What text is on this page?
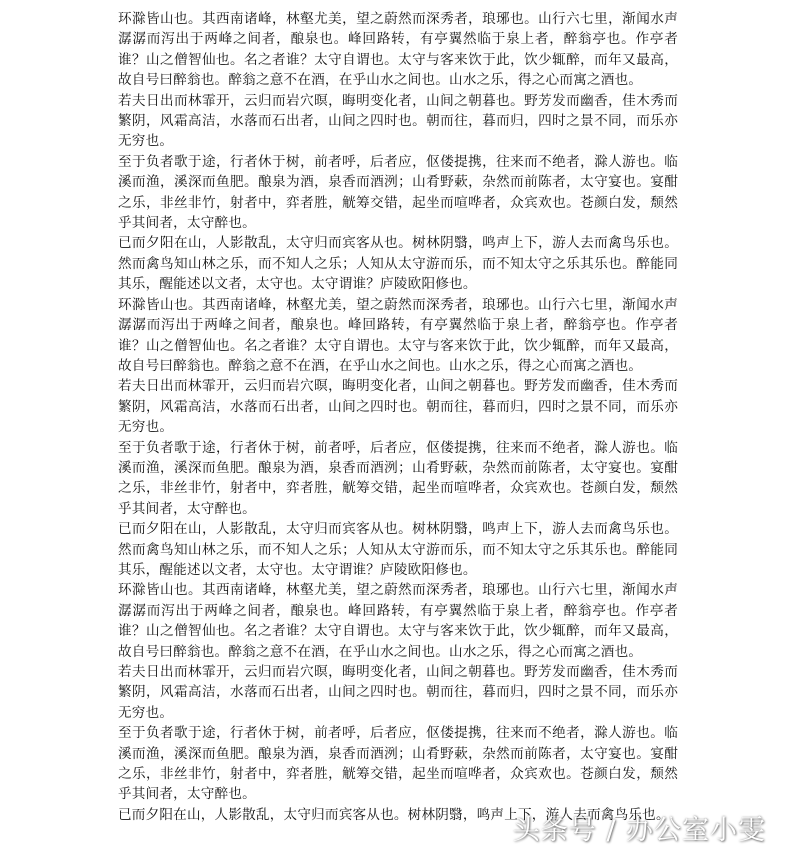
环滁皆山也。其西南诸峰，林壑尤美，望之蔚然而深秀者，琅琊也。山行六七里，渐闻水声潺潺而泻出于两峰之间者，酿泉也。峰回路转，有亭翼然临于泉上者，醉翁亭也。作亭者谁？山之僧智仙也。名之者谁？太守自谓也。太守与客来饮于此，饮少辄醉，而年又最高，故自号曰醉翁也。醉翁之意不在酒，在乎山水之间也。山水之乐，得之心而寓之酒也。

若夫日出而林霏开，云归而岩穴暝，晦明变化者，山间之朝暮也。野芳发而幽香，佳木秀而繁阴，风霜高洁，水落而石出者，山间之四时也。朝而往，暮而归，四时之景不同，而乐亦无穷也。

至于负者歌于途，行者休于树，前者呼，后者应，伛偻提携，往来而不绝者，滁人游也。临溪而渔，溪深而鱼肥。酿泉为酒，泉香而酒洌；山肴野蔌，杂然而前陈者，太守宴也。宴酣之乐，非丝非竹，射者中，弈者胜，觥筹交错，起坐而喧哗者，众宾欢也。苍颜白发，颓然乎其间者，太守醉也。

已而夕阳在山，人影散乱，太守归而宾客从也。树林阴翳，鸣声上下，游人去而禽鸟乐也。然而禽鸟知山林之乐，而不知人之乐；人知从太守游而乐，而不知太守之乐其乐也。醉能同其乐，醒能述以文者，太守也。太守谓谁？庐陵欧阳修也。

环滁皆山也。其西南诸峰，林壑尤美，望之蔚然而深秀者，琅琊也。山行六七里，渐闻水声潺潺而泻出于两峰之间者，酿泉也。峰回路转，有亭翼然临于泉上者，醉翁亭也。作亭者谁？山之僧智仙也。名之者谁？太守自谓也。太守与客来饮于此，饮少辄醉，而年又最高，故自号曰醉翁也。醉翁之意不在酒，在乎山水之间也。山水之乐，得之心而寓之酒也。

若夫日出而林霏开，云归而岩穴暝，晦明变化者，山间之朝暮也。野芳发而幽香，佳木秀而繁阴，风霜高洁，水落而石出者，山间之四时也。朝而往，暮而归，四时之景不同，而乐亦无穷也。

至于负者歌于途，行者休于树，前者呼，后者应，伛偻提携，往来而不绝者，滁人游也。临溪而渔，溪深而鱼肥。酿泉为酒，泉香而酒洌；山肴野蔌，杂然而前陈者，太守宴也。宴酣之乐，非丝非竹，射者中，弈者胜，觥筹交错，起坐而喧哗者，众宾欢也。苍颜白发，颓然乎其间者，太守醉也。

已而夕阳在山，人影散乱，太守归而宾客从也。树林阴翳，鸣声上下，游人去而禽鸟乐也。然而禽鸟知山林之乐，而不知人之乐；人知从太守游而乐，而不知太守之乐其乐也。醉能同其乐，醒能述以文者，太守也。太守谓谁？庐陵欧阳修也。

环滁皆山也。其西南诸峰，林壑尤美，望之蔚然而深秀者，琅琊也。山行六七里，渐闻水声潺潺而泻出于两峰之间者，酿泉也。峰回路转，有亭翼然临于泉上者，醉翁亭也。作亭者谁？山之僧智仙也。名之者谁？太守自谓也。太守与客来饮于此，饮少辄醉，而年又最高，故自号曰醉翁也。醉翁之意不在酒，在乎山水之间也。山水之乐，得之心而寓之酒也。

若夫日出而林霏开，云归而岩穴暝，晦明变化者，山间之朝暮也。野芳发而幽香，佳木秀而繁阴，风霜高洁，水落而石出者，山间之四时也。朝而往，暮而归，四时之景不同，而乐亦无穷也。

至于负者歌于途，行者休于树，前者呼，后者应，伛偻提携，往来而不绝者，滁人游也。临溪而渔，溪深而鱼肥。酿泉为酒，泉香而酒洌；山肴野蔌，杂然而前陈者，太守宴也。宴酣之乐，非丝非竹，射者中，弈者胜，觥筹交错，起坐而喧哗者，众宾欢也。苍颜白发，颓然乎其间者，太守醉也。

已而夕阳在山，人影散乱，太守归而宾客从也。树林阴翳，鸣声上下，游人去而禽鸟乐也。

头条号 / 办公室小雯
